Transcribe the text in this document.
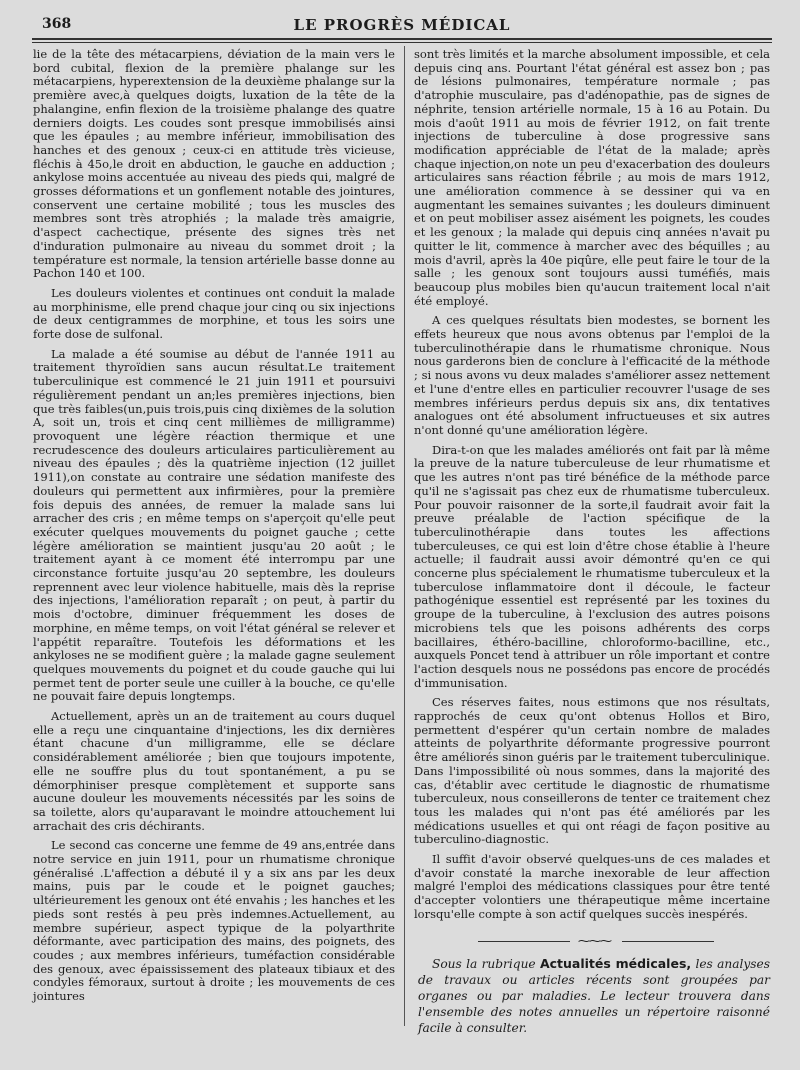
368	LE PROGRÈS MÉDICAL

lie de la tête des métacarpiens, déviation de la main vers le bord cubital, flexion de la première phalange sur les métacarpiens, hyperextension de la deuxième phalange sur la première avec,à quelques doigts, luxation de la tête de la phalangine, enfin flexion de la troisième phalange des quatre derniers doigts. Les coudes sont presque immobilisés ainsi que les épaules ; au membre inférieur, immobilisation des hanches et des genoux ; ceux-ci en attitude très vicieuse, fléchis à 45o,le droit en abduction, le gauche en adduction ; ankylose moins accentuée au niveau des pieds qui, malgré de grosses déformations et un gonflement notable des jointures, conservent une certaine mobilité ; tous les muscles des membres sont très atrophiés ; la malade très amaigrie, d'aspect cachectique, présente des signes très net d'induration pulmonaire au niveau du sommet droit ; la température est normale, la tension artérielle basse donne au Pachon 140 et 100.

Les douleurs violentes et continues ont conduit la malade au morphinisme, elle prend chaque jour cinq ou six injections de deux centigrammes de morphine, et tous les soirs une forte dose de sulfonal.

La malade a été soumise au début de l'année 1911 au traitement thyroïdien sans aucun résultat.Le traitement tuberculinique est commencé le 21 juin 1911 et poursuivi régulièrement pendant un an;les premières injections, bien que très faibles(un,puis trois,puis cinq dixièmes de la solution A, soit un, trois et cinq cent millièmes de milligramme) provoquent une légère réaction thermique et une recrudescence des douleurs articulaires particulièrement au niveau des épaules ; dès la quatrième injection (12 juillet 1911),on constate au contraire une sédation manifeste des douleurs qui permettent aux infirmières, pour la première fois depuis des années, de remuer la malade sans lui arracher des cris ; en même temps on s'aperçoit qu'elle peut exécuter quelques mouvements du poignet gauche ; cette légère amélioration se maintient jusqu'au 20 août ; le traitement ayant à ce moment été interrompu par une circonstance fortuite jusqu'au 20 septembre, les douleurs reprennent avec leur violence habituelle, mais dès la reprise des injections, l'amélioration reparaît ; on peut, à partir du mois d'octobre, diminuer fréquemment les doses de morphine, en même temps, on voit l'état général se relever et l'appétit reparaître. Toutefois les déformations et les ankyloses ne se modifient guère ; la malade gagne seulement quelques mouvements du poignet et du coude gauche qui lui permet tent de porter seule une cuiller à la bouche, ce qu'elle ne pouvait faire depuis longtemps.

Actuellement, après un an de traitement au cours duquel elle a reçu une cinquantaine d'injections, les dix dernières étant chacune d'un milligramme, elle se déclare considérablement améliorée ; bien que toujours impotente, elle ne souffre plus du tout spontanément, a pu se démorphiniser presque complètement et supporte sans aucune douleur les mouvements nécessités par les soins de sa toilette, alors qu'auparavant le moindre attouchement lui arrachait des cris déchirants.

Le second cas concerne une femme de 49 ans,entrée dans notre service en juin 1911, pour un rhumatisme chronique généralisé .L'affection a débuté il y a six ans par les deux mains, puis par le coude et le poignet gauches; ultérieurement les genoux ont été envahis ; les hanches et les pieds sont restés à peu près indemnes.Actuellement, au membre supérieur, aspect typique de la polyarthrite déformante, avec participation des mains, des poignets, des coudes ; aux membres inférieurs, tuméfaction considérable des genoux, avec épaississement des plateaux tibiaux et des condyles fémoraux, surtout à droite ; les mouvements de ces jointures

sont très limités et la marche absolument impossible, et cela depuis cinq ans. Pourtant l'état général est assez bon ; pas de lésions pulmonaires, température normale ; pas d'atrophie musculaire, pas d'adénopathie, pas de signes de néphrite, tension artérielle normale, 15 à 16 au Potain. Du mois d'août 1911 au mois de février 1912, on fait trente injections de tuberculine à dose progressive sans modification appréciable de l'état de la malade; après chaque injection,on note un peu d'exacerbation des douleurs articulaires sans réaction fébrile ; au mois de mars 1912, une amélioration commence à se dessiner qui va en augmentant les semaines suivantes ; les douleurs diminuent et on peut mobiliser assez aisément les poignets, les coudes et les genoux ; la malade qui depuis cinq années n'avait pu quitter le lit, commence à marcher avec des béquilles ; au mois d'avril, après la 40e piqûre, elle peut faire le tour de la salle ; les genoux sont toujours aussi tuméfiés, mais beaucoup plus mobiles bien qu'aucun traitement local n'ait été employé.

A ces quelques résultats bien modestes, se bornent les effets heureux que nous avons obtenus par l'emploi de la tuberculinothérapie dans le rhumatisme chronique. Nous nous garderons bien de conclure à l'efficacité de la méthode ; si nous avons vu deux malades s'améliorer assez nettement et l'une d'entre elles en particulier recouvrer l'usage de ses membres inférieurs perdus depuis six ans, dix tentatives analogues ont été absolument infructueuses et six autres n'ont donné qu'une amélioration légère.

Dira-t-on que les malades améliorés ont fait par là même la preuve de la nature tuberculeuse de leur rhumatisme et que les autres n'ont pas tiré bénéfice de la méthode parce qu'il ne s'agissait pas chez eux de rhumatisme tuberculeux. Pour pouvoir raisonner de la sorte,il faudrait avoir fait la preuve préalable de l'action spécifique de la tuberculinothérapie dans toutes les affections tuberculeuses, ce qui est loin d'être chose établie à l'heure actuelle; il faudrait aussi avoir démontré qu'en ce qui concerne plus spécialement le rhumatisme tuberculeux et la tuberculose inflammatoire dont il découle, le facteur pathogénique essentiel est représenté par les toxines du groupe de la tuberculine, à l'exclusion des autres poisons microbiens tels que les poisons adhérents des corps bacillaires, éthéro-bacilline, chloroformo-bacilline, etc., auxquels Poncet tend à attribuer un rôle important et contre l'action desquels nous ne possédons pas encore de procédés d'immunisation.

Ces réserves faites, nous estimons que nos résultats, rapprochés de ceux qu'ont obtenus Hollos et Biro, permettent d'espérer qu'un certain nombre de malades atteints de polyarthrite déformante progressive pourront être améliorés sinon guéris par le traitement tuberculinique. Dans l'impossibilité où nous sommes, dans la majorité des cas, d'établir avec certitude le diagnostic de rhumatisme tuberculeux, nous conseillerons de tenter ce traitement chez tous les malades qui n'ont pas été améliorés par les médications usuelles et qui ont réagi de façon positive au tuberculino-diagnostic.

Il suffit d'avoir observé quelques-uns de ces malades et d'avoir constaté la marche inexorable de leur affection malgré l'emploi des médications classiques pour être tenté d'accepter volontiers une thérapeutique même incertaine lorsqu'elle compte à son actif quelques succès inespérés.

⁓⁓⁓
Sous la rubrique Actualités médicales, les analyses de travaux ou articles récents sont groupées par organes ou par maladies. Le lecteur trouvera dans l'ensemble des notes annuelles un répertoire raisonné facile à consulter.
